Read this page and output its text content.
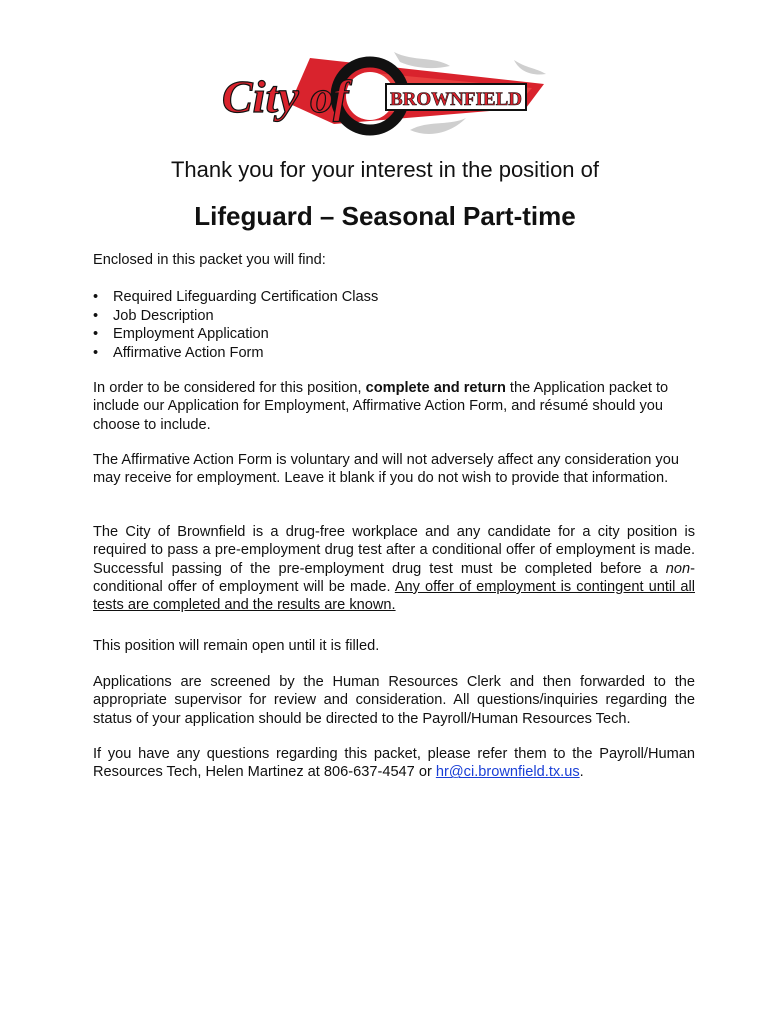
City of BROWNFIELD
Thank you for your interest in the position of
Lifeguard – Seasonal Part-time

Enclosed in this packet you will find:

• Required Lifeguarding Certification Class
• Job Description
• Employment Application
• Affirmative Action Form

In order to be considered for this position, complete and return the Application packet to include our Application for Employment, Affirmative Action Form, and résumé should you choose to include.

The Affirmative Action Form is voluntary and will not adversely affect any consideration you may receive for employment. Leave it blank if you do not wish to provide that information.

The City of Brownfield is a drug-free workplace and any candidate for a city position is required to pass a pre-employment drug test after a conditional offer of employment is made. Successful passing of the pre-employment drug test must be completed before a non-conditional offer of employment will be made. Any offer of employment is contingent until all tests are completed and the results are known.

This position will remain open until it is filled.

Applications are screened by the Human Resources Clerk and then forwarded to the appropriate supervisor for review and consideration. All questions/inquiries regarding the status of your application should be directed to the Payroll/Human Resources Tech.

If you have any questions regarding this packet, please refer them to the Payroll/Human Resources Tech, Helen Martinez at 806-637-4547 or hr@ci.brownfield.tx.us.
